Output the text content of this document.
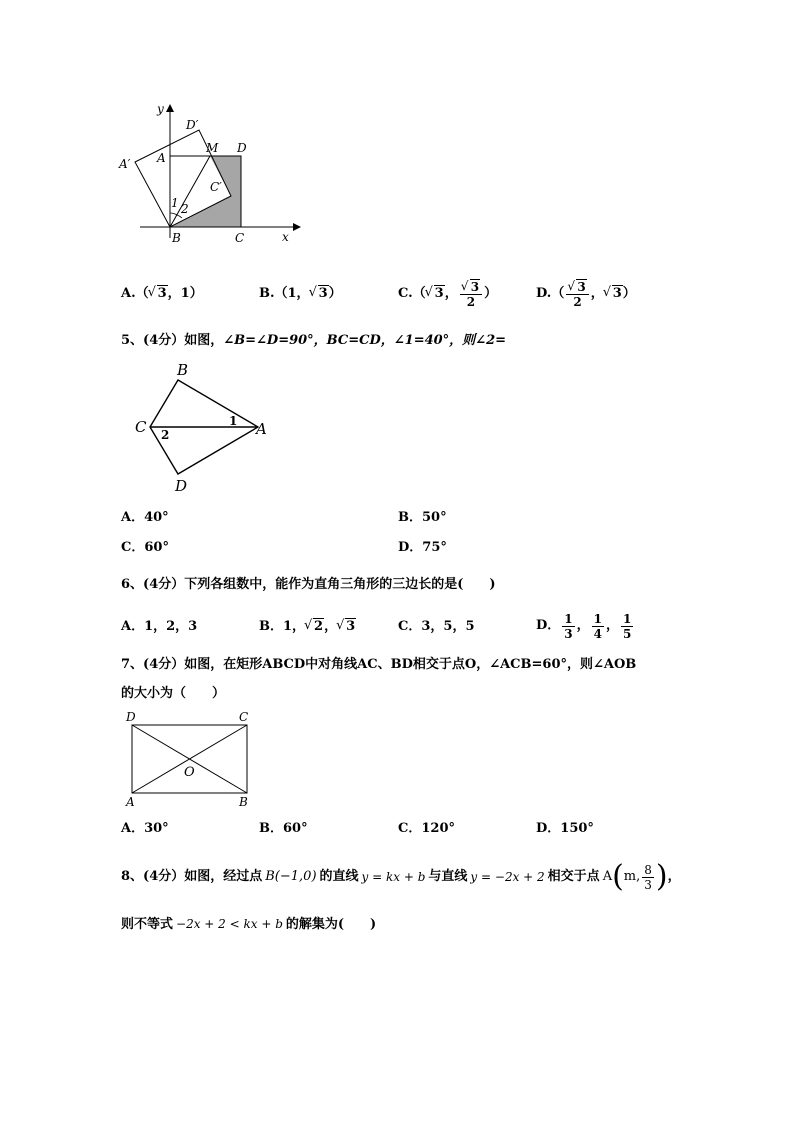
y
D′
A′ A
M D
C′
1 2
B	C	x
A.（ √ 3，1）	B.（1， √ 3）	C.（ √ 3 ， √ $\frac{3}{2}$ ）	D.（ √ $\frac{3}{2}$ ， √ 3 ）
5、(4分）如图，∠B=∠D=90°，BC=CD，∠1=40°，则∠2=
B
C	A
D
1
2
A．40°	B．50°
C．60°	D．75°
6、(4分）下列各组数中，能作为直角三角形的三边长的是(　　)
A．1，2，3	B．1， √ 2， √ 3	C．3，5，5	D． $\frac{1}{3}$ ， $\frac{1}{4}$ ， $\frac{1}{5}$
7、(4分）如图，在矩形ABCD中对角线AC、BD相交于点O，∠ACB=60°，则∠AOB
的大小为（　　）
D	C
O
A	B
A．30°	B．60°	C．120°	D．150°
8、(4分）如图，经过点 B(−1,0) 的直线 y = kx + b 与直线 y = −2x + 2 相交于点 A ( m, $\frac{8}{3}$ ) ，
则不等式 −2x + 2 < kx + b 的解集为(　　)
